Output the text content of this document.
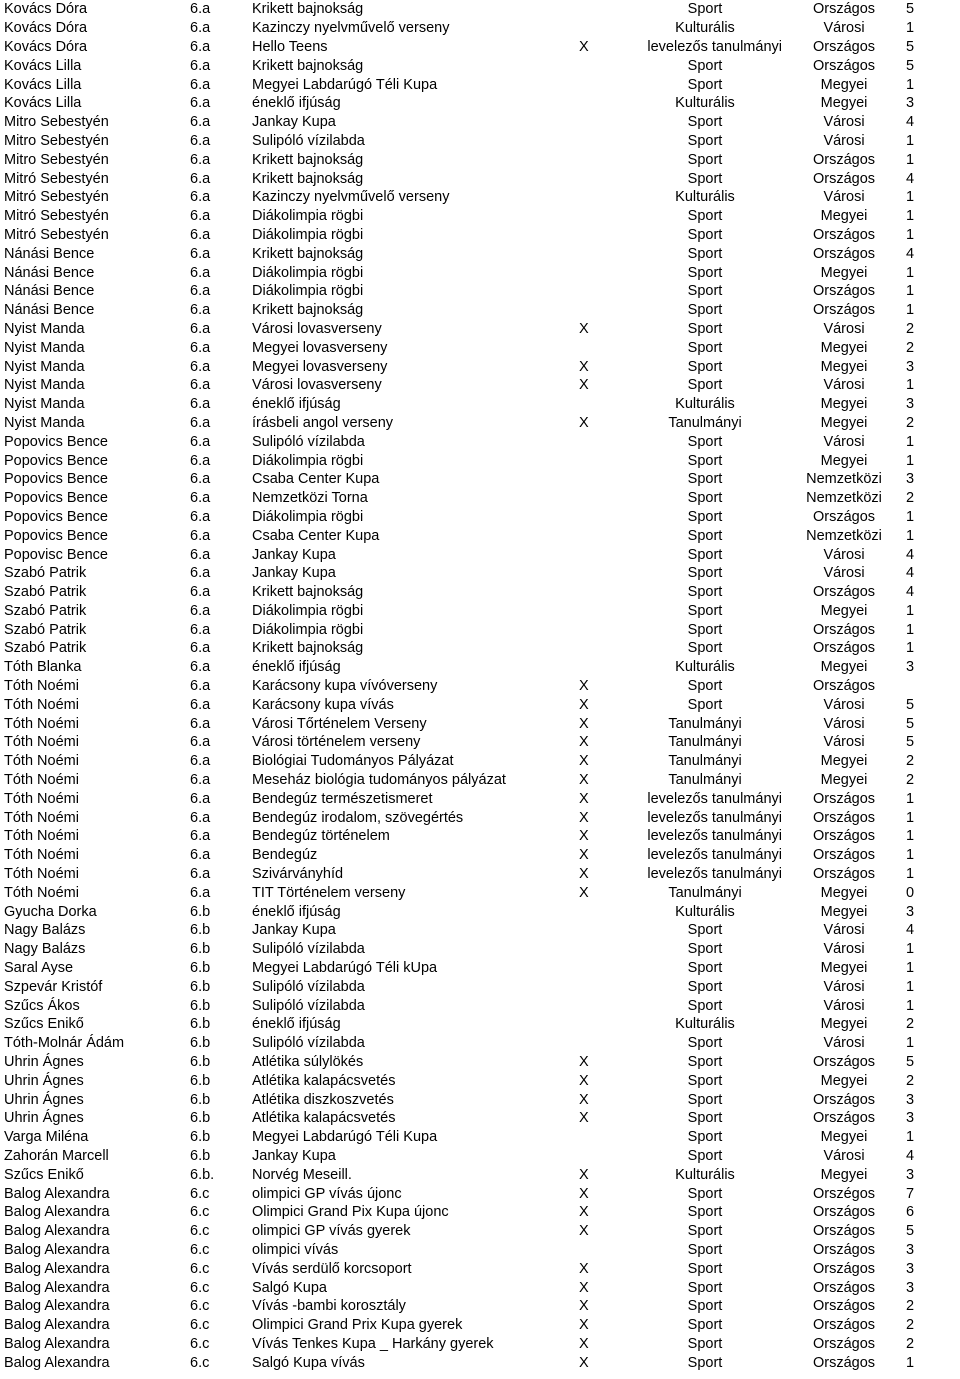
Kovács Dóra	6.a	Krikett bajnokság		Sport	Országos	5
Kovács Dóra	6.a	Kazinczy nyelvművelő verseny		Kulturális	Városi	1
Kovács Dóra	6.a	Hello Teens	X	levelezős tanulmányi	Országos	5
Kovács Lilla	6.a	Krikett bajnokság		Sport	Országos	5
Kovács Lilla	6.a	Megyei Labdarúgó Téli Kupa		Sport	Megyei	1
Kovács Lilla	6.a	éneklő ifjúság		Kulturális	Megyei	3
Mitro Sebestyén	6.a	Jankay Kupa		Sport	Városi	4
Mitro Sebestyén	6.a	Sulipóló vízilabda		Sport	Városi	1
Mitro Sebestyén	6.a	Krikett bajnokság		Sport	Országos	1
Mitró Sebestyén	6.a	Krikett bajnokság		Sport	Országos	4
Mitró Sebestyén	6.a	Kazinczy nyelvművelő verseny		Kulturális	Városi	1
Mitró Sebestyén	6.a	Diákolimpia rögbi		Sport	Megyei	1
Mitró Sebestyén	6.a	Diákolimpia rögbi		Sport	Országos	1
Nánási Bence	6.a	Krikett bajnokság		Sport	Országos	4
Nánási Bence	6.a	Diákolimpia rögbi		Sport	Megyei	1
Nánási Bence	6.a	Diákolimpia rögbi		Sport	Országos	1
Nánási Bence	6.a	Krikett bajnokság		Sport	Országos	1
Nyist Manda	6.a	Városi lovasverseny	X	Sport	Városi	2
Nyist Manda	6.a	Megyei lovasverseny		Sport	Megyei	2
Nyist Manda	6.a	Megyei lovasverseny	X	Sport	Megyei	3
Nyist Manda	6.a	Városi lovasverseny	X	Sport	Városi	1
Nyist Manda	6.a	éneklő ifjúság		Kulturális	Megyei	3
Nyist Manda	6.a	írásbeli angol verseny	X	Tanulmányi	Megyei	2
Popovics Bence	6.a	Sulipóló vízilabda		Sport	Városi	1
Popovics Bence	6.a	Diákolimpia rögbi		Sport	Megyei	1
Popovics Bence	6.a	Csaba Center Kupa		Sport	Nemzetközi	3
Popovics Bence	6.a	Nemzetközi Torna		Sport	Nemzetközi	2
Popovics Bence	6.a	Diákolimpia rögbi		Sport	Országos	1
Popovics Bence	6.a	Csaba Center Kupa		Sport	Nemzetközi	1
Popovisc Bence	6.a	Jankay Kupa		Sport	Városi	4
Szabó Patrik	6.a	Jankay Kupa		Sport	Városi	4
Szabó Patrik	6.a	Krikett bajnokság		Sport	Országos	4
Szabó Patrik	6.a	Diákolimpia rögbi		Sport	Megyei	1
Szabó Patrik	6.a	Diákolimpia rögbi		Sport	Országos	1
Szabó Patrik	6.a	Krikett bajnokság		Sport	Országos	1
Tóth Blanka	6.a	éneklő ifjúság		Kulturális	Megyei	3
Tóth Noémi	6.a	Karácsony kupa vívóverseny	X	Sport	Országos	
Tóth Noémi	6.a	Karácsony kupa vívás	X	Sport	Városi	5
Tóth Noémi	6.a	Városi Tőrténelem Verseny	X	Tanulmányi	Városi	5
Tóth Noémi	6.a	Városi történelem verseny	X	Tanulmányi	Városi	5
Tóth Noémi	6.a	Biológiai Tudományos Pályázat	X	Tanulmányi	Megyei	2
Tóth Noémi	6.a	Meseház biológia tudományos pályázat	X	Tanulmányi	Megyei	2
Tóth Noémi	6.a	Bendegúz természetismeret	X	levelezős tanulmányi	Országos	1
Tóth Noémi	6.a	Bendegúz irodalom, szövegértés	X	levelezős tanulmányi	Országos	1
Tóth Noémi	6.a	Bendegúz történelem	X	levelezős tanulmányi	Országos	1
Tóth Noémi	6.a	Bendegúz	X	levelezős tanulmányi	Országos	1
Tóth Noémi	6.a	Szivárványhíd	X	levelezős tanulmányi	Országos	1
Tóth Noémi	6.a	TIT Történelem verseny	X	Tanulmányi	Megyei	0
Gyucha Dorka	6.b	éneklő ifjúság		Kulturális	Megyei	3
Nagy Balázs	6.b	Jankay Kupa		Sport	Városi	4
Nagy Balázs	6.b	Sulipóló vízilabda		Sport	Városi	1
Saral Ayse	6.b	Megyei Labdarúgó Téli kUpa		Sport	Megyei	1
Szpevár Kristóf	6.b	Sulipóló vízilabda		Sport	Városi	1
Szűcs Ákos	6.b	Sulipóló vízilabda		Sport	Városi	1
Szűcs Enikő	6.b	éneklő ifjúság		Kulturális	Megyei	2
Tóth-Molnár Ádám	6.b	Sulipóló vízilabda		Sport	Városi	1
Uhrin Ágnes	6.b	Atlétika súlylökés	X	Sport	Országos	5
Uhrin Ágnes	6.b	Atlétika kalapácsvetés	X	Sport	Megyei	2
Uhrin Ágnes	6.b	Atlétika diszkoszvetés	X	Sport	Országos	3
Uhrin Ágnes	6.b	Atlétika kalapácsvetés	X	Sport	Országos	3
Varga Miléna	6.b	Megyei Labdarúgó Téli Kupa		Sport	Megyei	1
Zahorán Marcell	6.b	Jankay Kupa		Sport	Városi	4
Szűcs Enikő	6.b.	Norvég Meseill.	X	Kulturális	Megyei	3
Balog Alexandra	6.c	olimpici GP vívás újonc	X	Sport	Orszégos	7
Balog Alexandra	6.c	Olimpici Grand Pix Kupa újonc	X	Sport	Országos	6
Balog Alexandra	6.c	olimpici GP vívás gyerek	X	Sport	Országos	5
Balog Alexandra	6.c	olimpici vívás		Sport	Országos	3
Balog Alexandra	6.c	Vívás serdülő korcsoport	X	Sport	Országos	3
Balog Alexandra	6.c	Salgó Kupa	X	Sport	Országos	3
Balog Alexandra	6.c	Vívás -bambi korosztály	X	Sport	Országos	2
Balog Alexandra	6.c	Olimpici Grand Prix Kupa gyerek	X	Sport	Országos	2
Balog Alexandra	6.c	Vívás Tenkes Kupa _ Harkány gyerek	X	Sport	Országos	2
Balog Alexandra	6.c	Salgó Kupa vívás	X	Sport	Országos	1
